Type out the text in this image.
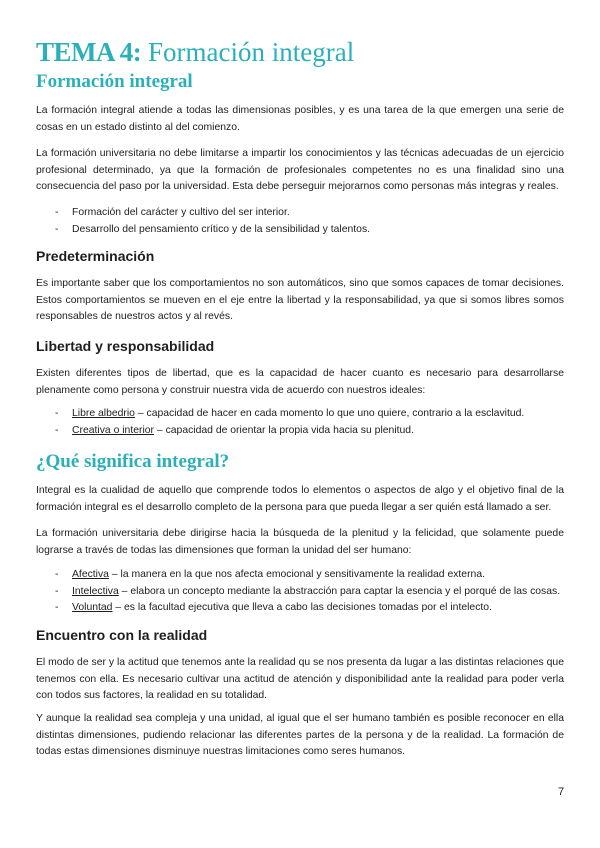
TEMA 4: Formación integral
Formación integral

La formación integral atiende a todas las dimensionas posibles, y es una tarea de la que emergen una serie de cosas en un estado distinto al del comienzo.

La formación universitaria no debe limitarse a impartir los conocimientos y las técnicas adecuadas de un ejercicio profesional determinado, ya que la formación de profesionales competentes no es una finalidad sino una consecuencia del paso por la universidad. Esta debe perseguir mejorarnos como personas más integras y reales.

- Formación del carácter y cultivo del ser interior.
- Desarrollo del pensamiento crítico y de la sensibilidad y talentos.
Predeterminación

Es importante saber que los comportamientos no son automáticos, sino que somos capaces de tomar decisiones. Estos comportamientos se mueven en el eje entre la libertad y la responsabilidad, ya que si somos libres somos responsables de nuestros actos y al revés.

Libertad y responsabilidad

Existen diferentes tipos de libertad, que es la capacidad de hacer cuanto es necesario para desarrollarse plenamente como persona y construir nuestra vida de acuerdo con nuestros ideales:

- Libre albedrio – capacidad de hacer en cada momento lo que uno quiere, contrario a la esclavitud.
- Creativa o interior – capacidad de orientar la propia vida hacia su plenitud.
¿Qué significa integral?

Integral es la cualidad de aquello que comprende todos lo elementos o aspectos de algo y el objetivo final de la formación integral es el desarrollo completo de la persona para que pueda llegar a ser quién está llamado a ser.

La formación universitaria debe dirigirse hacia la búsqueda de la plenitud y la felicidad, que solamente puede lograrse a través de todas las dimensiones que forman la unidad del ser humano:

- Afectiva – la manera en la que nos afecta emocional y sensitivamente la realidad externa.
- Intelectiva – elabora un concepto mediante la abstracción para captar la esencia y el porqué de las cosas.
- Voluntad – es la facultad ejecutiva que lleva a cabo las decisiones tomadas por el intelecto.
Encuentro con la realidad

El modo de ser y la actitud que tenemos ante la realidad qu se nos presenta da lugar a las distintas relaciones que tenemos con ella. Es necesario cultivar una actitud de atención y disponibilidad ante la realidad para poder verla con todos sus factores, la realidad en su totalidad.

Y aunque la realidad sea compleja y una unidad, al igual que el ser humano también es posible reconocer en ella distintas dimensiones, pudiendo relacionar las diferentes partes de la persona y de la realidad. La formación de todas estas dimensiones disminuye nuestras limitaciones como seres humanos.

7
